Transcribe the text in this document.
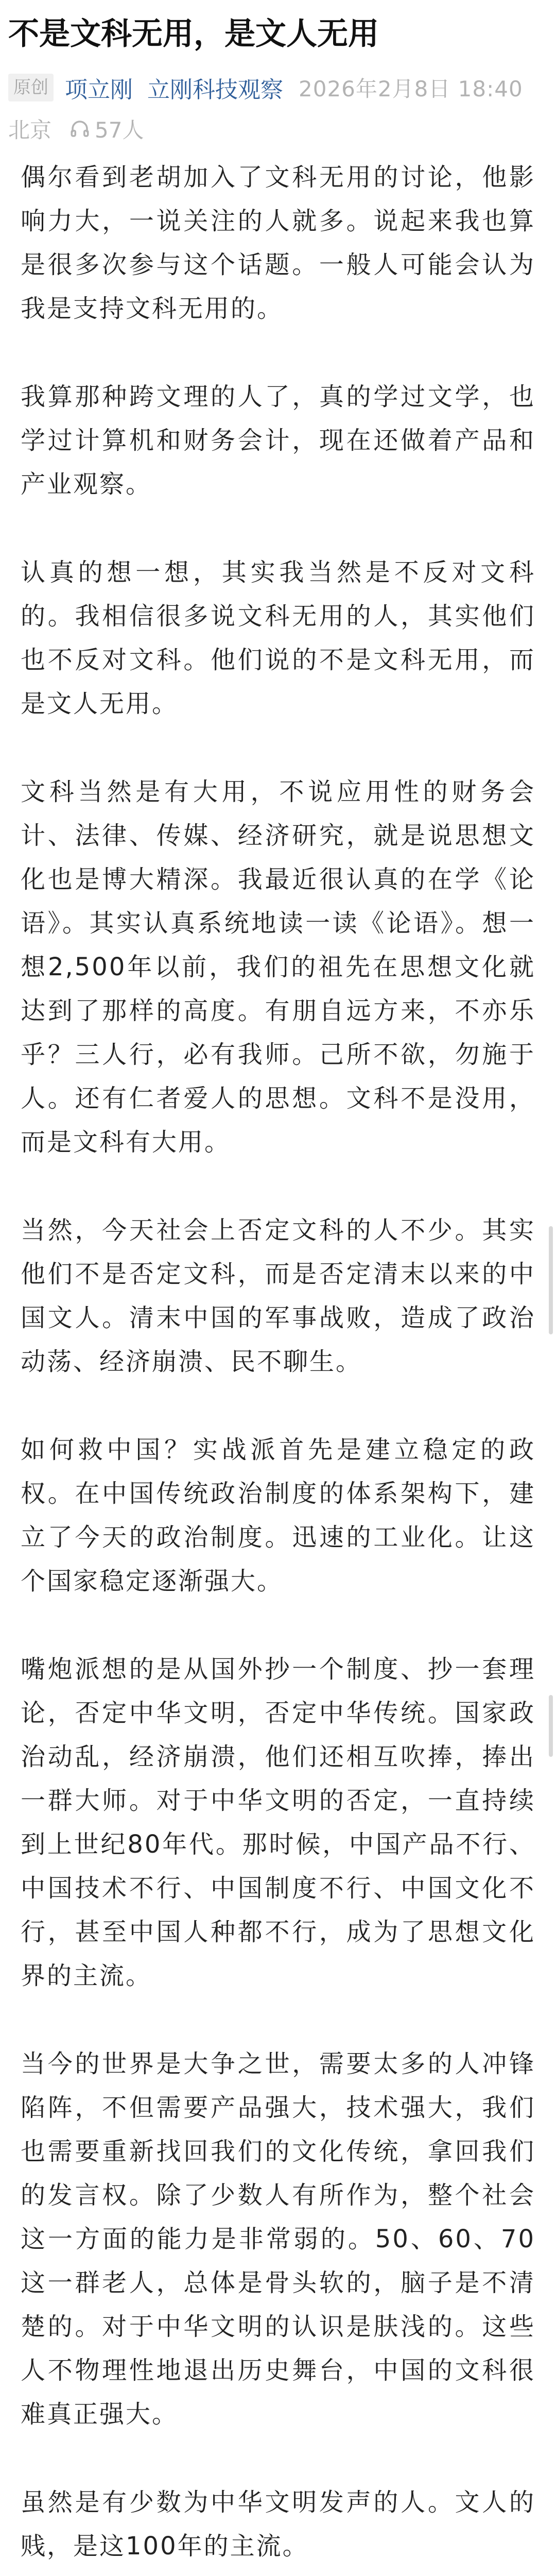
不是文科无用，是文人无用
原创 项立刚 立刚科技观察 2026年2月8日 18:40
北京 57人

偶尔看到老胡加入了文科无用的讨论，他影响力大，一说关注的人就多。说起来我也算是很多次参与这个话题。一般人可能会认为我是支持文科无用的。

我算那种跨文理的人了，真的学过文学，也学过计算机和财务会计，现在还做着产品和产业观察。

认真的想一想，其实我当然是不反对文科的。我相信很多说文科无用的人，其实他们也不反对文科。他们说的不是文科无用，而是文人无用。

文科当然是有大用，不说应用性的财务会计、法律、传媒、经济研究，就是说思想文化也是博大精深。我最近很认真的在学《论语》。其实认真系统地读一读《论语》。想一想2,500年以前，我们的祖先在思想文化就达到了那样的高度。有朋自远方来，不亦乐乎？三人行，必有我师。己所不欲，勿施于人。还有仁者爱人的思想。文科不是没用，而是文科有大用。

当然，今天社会上否定文科的人不少。其实他们不是否定文科，而是否定清末以来的中国文人。清末中国的军事战败，造成了政治动荡、经济崩溃、民不聊生。

如何救中国？实战派首先是建立稳定的政权。在中国传统政治制度的体系架构下，建立了今天的政治制度。迅速的工业化。让这个国家稳定逐渐强大。

嘴炮派想的是从国外抄一个制度、抄一套理论，否定中华文明，否定中华传统。国家政治动乱，经济崩溃，他们还相互吹捧，捧出一群大师。对于中华文明的否定，一直持续到上世纪80年代。那时候，中国产品不行、中国技术不行、中国制度不行、中国文化不行，甚至中国人种都不行，成为了思想文化界的主流。

当今的世界是大争之世，需要太多的人冲锋陷阵，不但需要产品强大，技术强大，我们也需要重新找回我们的文化传统，拿回我们的发言权。除了少数人有所作为，整个社会这一方面的能力是非常弱的。50、60、70这一群老人，总体是骨头软的，脑子是不清楚的。对于中华文明的认识是肤浅的。这些人不物理性地退出历史舞台，中国的文科很难真正强大。

虽然是有少数为中华文明发声的人。文人的贱，是这100年的主流。
